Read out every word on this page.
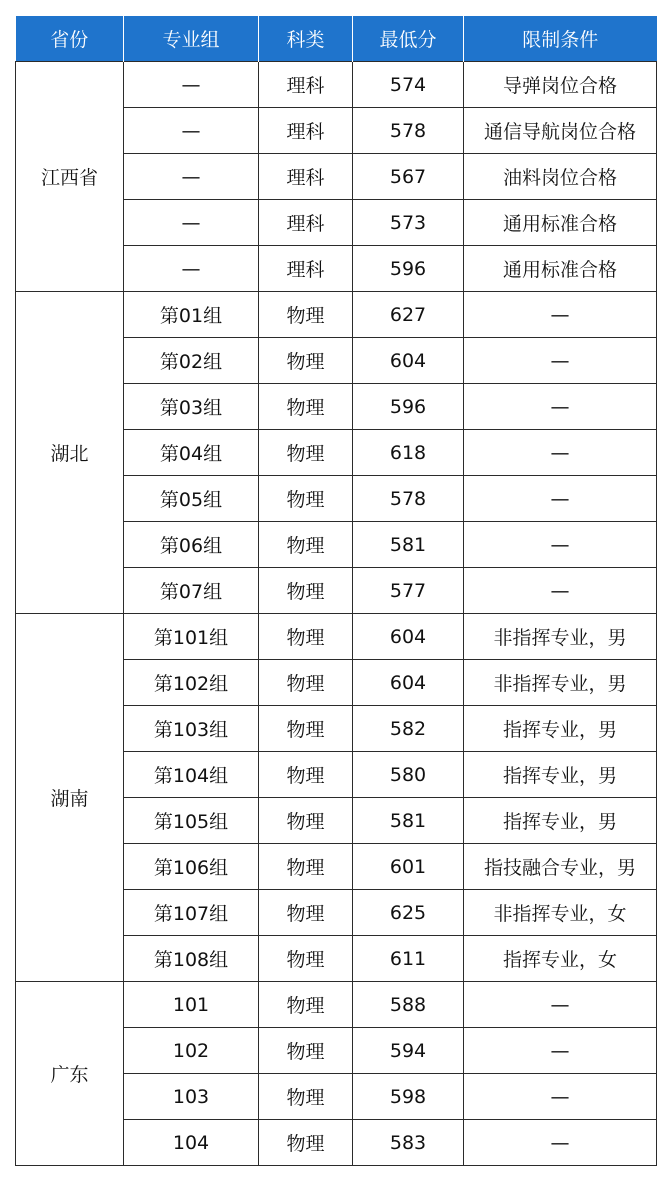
省份	专业组	科类	最低分	限制条件
江西省	—	理科	574	导弹岗位合格
	—	理科	578	通信导航岗位合格
	—	理科	567	油料岗位合格
	—	理科	573	通用标准合格
	—	理科	596	通用标准合格
湖北	第01组	物理	627	—
	第02组	物理	604	—
	第03组	物理	596	—
	第04组	物理	618	—
	第05组	物理	578	—
	第06组	物理	581	—
	第07组	物理	577	—
湖南	第101组	物理	604	非指挥专业，男
	第102组	物理	604	非指挥专业，男
	第103组	物理	582	指挥专业，男
	第104组	物理	580	指挥专业，男
	第105组	物理	581	指挥专业，男
	第106组	物理	601	指技融合专业，男
	第107组	物理	625	非指挥专业，女
	第108组	物理	611	指挥专业，女
广东	101	物理	588	—
	102	物理	594	—
	103	物理	598	—
	104	物理	583	—
